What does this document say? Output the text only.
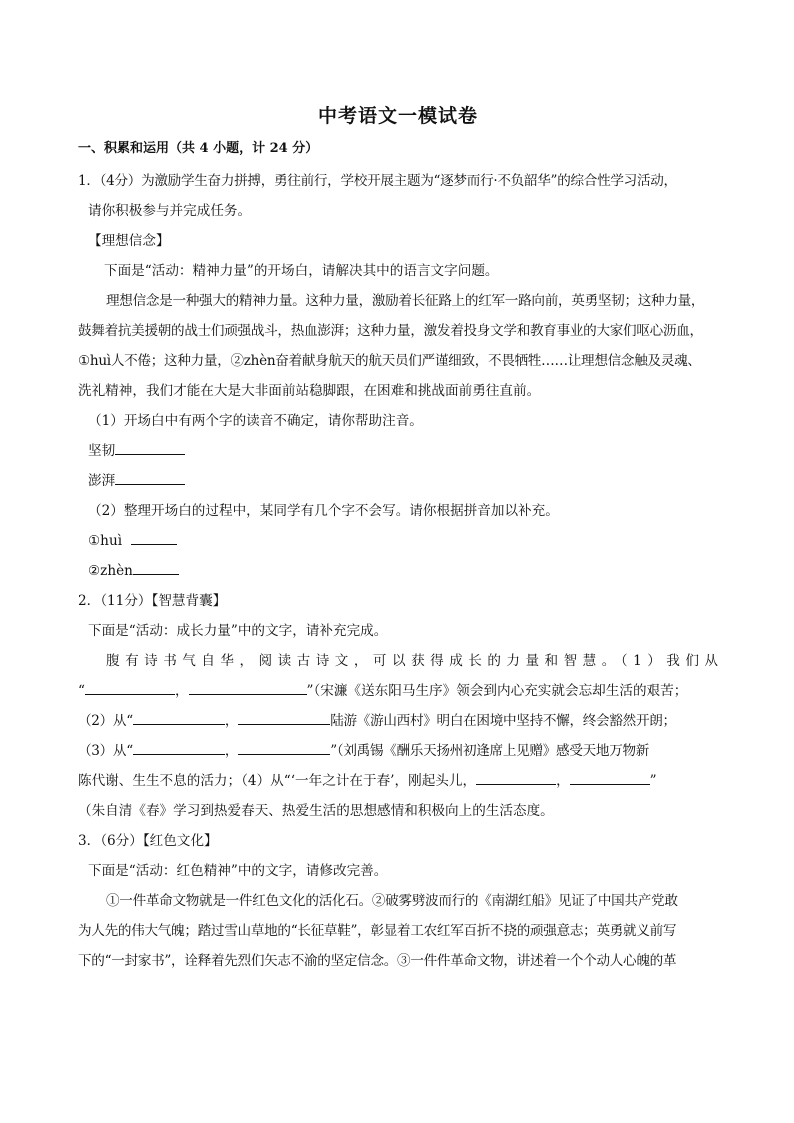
中考语文一模试卷
一、积累和运用（共 4 小题，计 24 分）

1．（4分）为激励学生奋力拼搏，勇往前行，学校开展主题为“逐梦而行·不负韶华”的综合性学习活动，

请你积极参与并完成任务。

【理想信念】

下面是“活动：精神力量”的开场白，请解决其中的语言文字问题。

理想信念是一种强大的精神力量。这种力量，激励着长征路上的红军一路向前，英勇坚韧；这种力量，

鼓舞着抗美援朝的战士们顽强战斗，热血澎湃；这种力量，激发着投身文学和教育事业的大家们呕心沥血，

①huì人不倦；这种力量，②zhèn奋着献身航天的航天员们严谨细致，不畏牺牲……让理想信念触及灵魂、

洗礼精神，我们才能在大是大非面前站稳脚跟，在困难和挑战面前勇往直前。

（1）开场白中有两个字的读音不确定，请你帮助注音。

坚韧

澎湃

（2）整理开场白的过程中，某同学有几个字不会写。请你根据拼音加以补充。

①huì

②zhèn

2．（11分）【智慧背囊】

下面是“活动：成长力量”中的文字，请补充完成。

腹有诗书气自华，阅读古诗文，可以获得成长的力量和智慧。（1）我们从

“	，	”（宋濂《送东阳马生序》领会到内心充实就会忘却生活的艰苦；

（2）从“	，	陆游《游山西村》明白在困境中坚持不懈，终会豁然开朗；

（3）从“	，	”（刘禹锡《酬乐天扬州初逢席上见赠》感受天地万物新

陈代谢、生生不息的活力；（4）从“‘一年之计在于春’，刚起头儿，	，	”

（朱自清《春》学习到热爱春天、热爱生活的思想感情和积极向上的生活态度。

3．（6分）【红色文化】

下面是“活动：红色精神”中的文字，请修改完善。

①一件革命文物就是一件红色文化的活化石。②破雾劈波而行的《南湖红船》见证了中国共产党敢

为人先的伟大气魄；踏过雪山草地的“长征草鞋”，彰显着工农红军百折不挠的顽强意志；英勇就义前写

下的“一封家书”，诠释着先烈们矢志不渝的坚定信念。③一件件革命文物，讲述着一个个动人心魄的革
